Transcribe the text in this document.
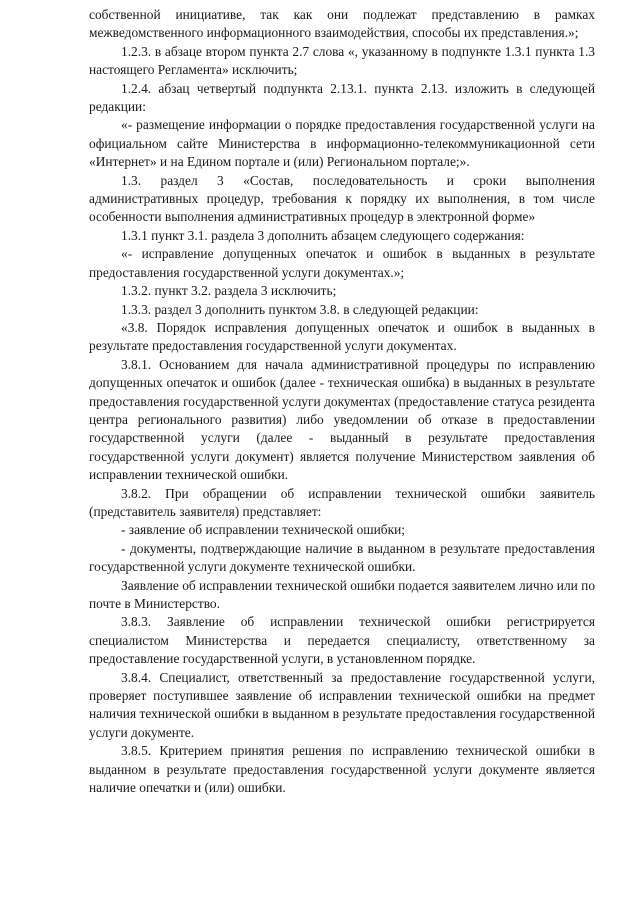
собственной инициативе, так как они подлежат представлению в рамках межведомственного информационного взаимодействия, способы их представления.»;

1.2.3. в абзаце втором пункта 2.7 слова «, указанному в подпункте 1.3.1 пункта 1.3 настоящего Регламента» исключить;

1.2.4. абзац четвертый подпункта 2.13.1. пункта 2.13. изложить в следующей редакции:

«- размещение информации о порядке предоставления государственной услуги на официальном сайте Министерства в информационно-телекоммуникационной сети «Интернет» и на Едином портале и (или) Региональном портале;».

1.3. раздел 3 «Состав, последовательность и сроки выполнения административных процедур, требования к порядку их выполнения, в том числе особенности выполнения административных процедур в электронной форме»

1.3.1 пункт 3.1. раздела 3 дополнить абзацем следующего содержания:

«- исправление допущенных опечаток и ошибок в выданных в результате предоставления государственной услуги документах.»;

1.3.2. пункт 3.2. раздела 3 исключить;

1.3.3. раздел 3 дополнить пунктом 3.8. в следующей редакции:

«3.8. Порядок исправления допущенных опечаток и ошибок в выданных в результате предоставления государственной услуги документах.

3.8.1. Основанием для начала административной процедуры по исправлению допущенных опечаток и ошибок (далее - техническая ошибка) в выданных в результате предоставления государственной услуги документах (предоставление статуса резидента центра регионального развития) либо уведомлении об отказе в предоставлении государственной услуги (далее - выданный в результате предоставления государственной услуги документ) является получение Министерством заявления об исправлении технической ошибки.

3.8.2. При обращении об исправлении технической ошибки заявитель (представитель заявителя) представляет:

- заявление об исправлении технической ошибки;

- документы, подтверждающие наличие в выданном в результате предоставления государственной услуги документе технической ошибки.

Заявление об исправлении технической ошибки подается заявителем лично или по почте в Министерство.

3.8.3. Заявление об исправлении технической ошибки регистрируется специалистом Министерства и передается специалисту, ответственному за предоставление государственной услуги, в установленном порядке.

3.8.4. Специалист, ответственный за предоставление государственной услуги, проверяет поступившее заявление об исправлении технической ошибки на предмет наличия технической ошибки в выданном в результате предоставления государственной услуги документе.

3.8.5. Критерием принятия решения по исправлению технической ошибки в выданном в результате предоставления государственной услуги документе является наличие опечатки и (или) ошибки.
